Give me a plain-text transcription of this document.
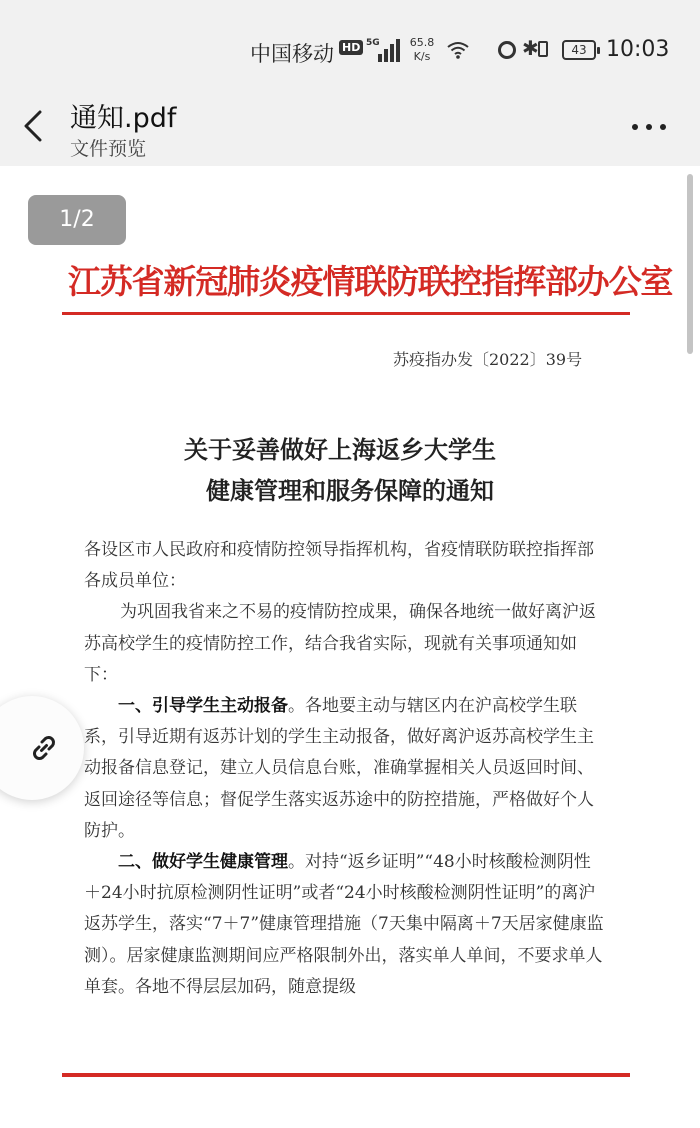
中国移动 HD 5G	65.8
K/s	✱	43 10:03
通知.pdf
文件预览
江苏省新冠肺炎疫情联防联控指挥部办公室
苏疫指办发〔2022〕39号
关于妥善做好上海返乡大学生
健康管理和服务保障的通知

各设区市人民政府和疫情防控领导指挥机构，省疫情联防联控指挥部各成员单位：

为巩固我省来之不易的疫情防控成果，确保各地统一做好离沪返苏高校学生的疫情防控工作，结合我省实际，现就有关事项通知如下：

一、引导学生主动报备。各地要主动与辖区内在沪高校学生联系，引导近期有返苏计划的学生主动报备，做好离沪返苏高校学生主动报备信息登记，建立人员信息台账，准确掌握相关人员返回时间、返回途径等信息；督促学生落实返苏途中的防控措施，严格做好个人防护。

二、做好学生健康管理。对持“返乡证明”“48小时核酸检测阴性＋24小时抗原检测阴性证明”或者“24小时核酸检测阴性证明”的离沪返苏学生，落实“7＋7”健康管理措施（7天集中隔离＋7天居家健康监测）。居家健康监测期间应严格限制外出，落实单人单间，不要求单人单套。各地不得层层加码，随意提级

1/2
